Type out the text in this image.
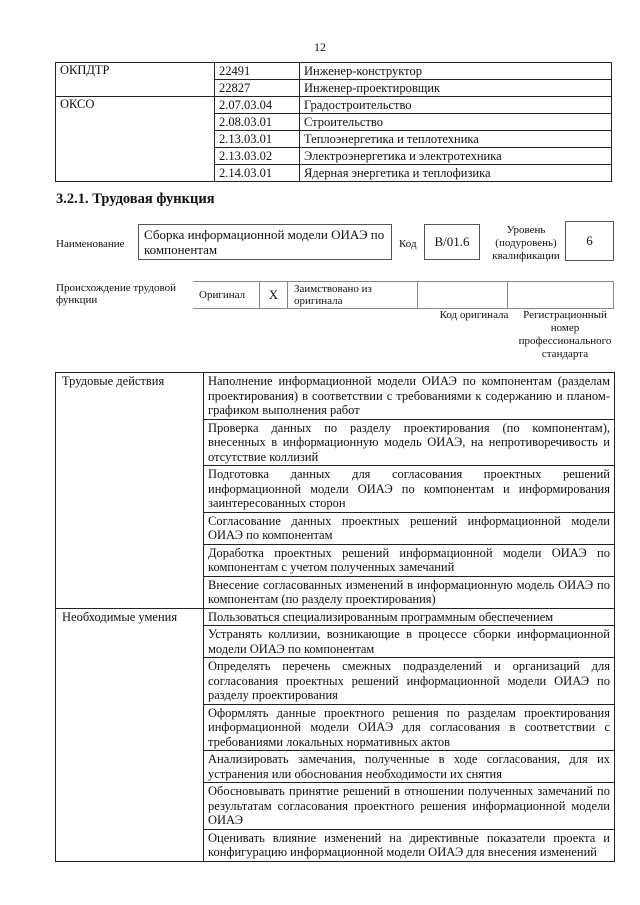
12
ОКПДТР	22491	Инженер-конструктор
	22827	Инженер-проектировщик
ОКСО	2.07.03.04	Градостроительство
	2.08.03.01	Строительство
	2.13.03.01	Теплоэнергетика и теплотехника
	2.13.03.02	Электроэнергетика и электротехника
	2.14.03.01	Ядерная энергетика и теплофизика
3.2.1. Трудовая функция
Наименование
Сборка информационной модели ОИАЭ по компонентам	Код	B/01.6
Уровень (подуровень) квалификации
6
Происхождение трудовой функции	Оригинал	X	Заимствовано из оригинала
Код оригинала	Регистрационный номер профессионального стандарта
Трудовые действия	Наполнение информационной модели ОИАЭ по компонентам (разделам проектирования) в соответствии с требованиями к содержанию и планом-графиком выполнения работ
	Проверка данных по разделу проектирования (по компонентам), внесенных в информационную модель ОИАЭ, на непротиворечивость и отсутствие коллизий
	Подготовка данных для согласования проектных решений информационной модели ОИАЭ по компонентам и информирования заинтересованных сторон
	Согласование данных проектных решений информационной модели ОИАЭ по компонентам
	Доработка проектных решений информационной модели ОИАЭ по компонентам с учетом полученных замечаний
	Внесение согласованных изменений в информационную модель ОИАЭ по компонентам (по разделу проектирования)
Необходимые умения	Пользоваться специализированным программным обеспечением
	Устранять коллизии, возникающие в процессе сборки информационной модели ОИАЭ по компонентам
	Определять перечень смежных подразделений и организаций для согласования проектных решений информационной модели ОИАЭ по разделу проектирования
	Оформлять данные проектного решения по разделам проектирования информационной модели ОИАЭ для согласования в соответствии с требованиями локальных нормативных актов
	Анализировать замечания, полученные в ходе согласования, для их устранения или обоснования необходимости их снятия
	Обосновывать принятие решений в отношении полученных замечаний по результатам согласования проектного решения информационной модели ОИАЭ
	Оценивать влияние изменений на директивные показатели проекта и конфигурацию информационной модели ОИАЭ для внесения изменений
